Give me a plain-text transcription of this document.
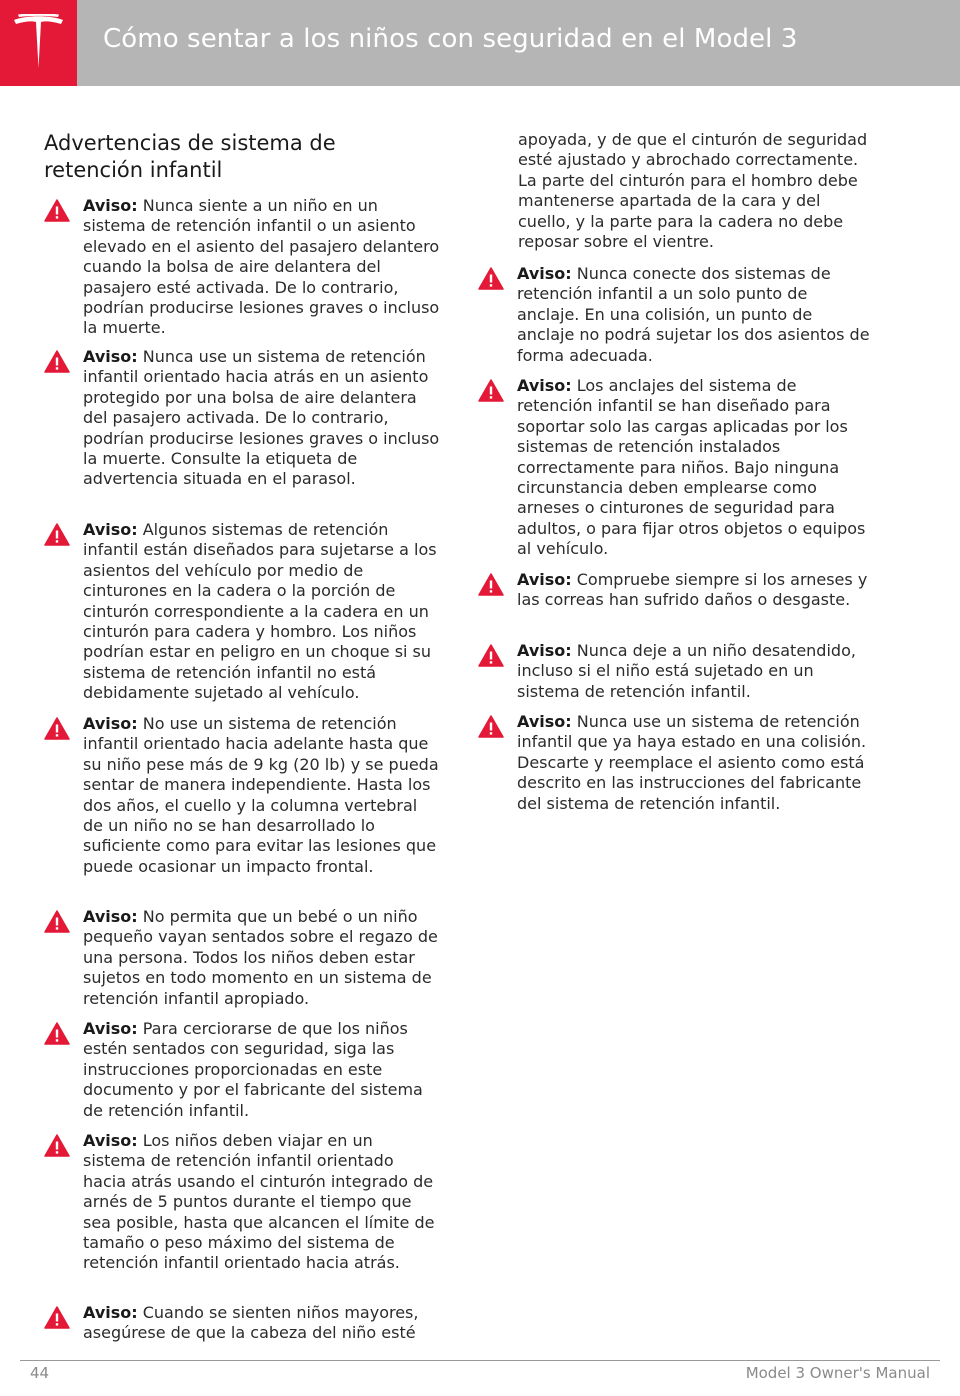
Cómo sentar a los niños con seguridad en el Model 3
Advertencias de sistema de retención infantil
Aviso: Nunca siente a un niño en un sistema de retención infantil o un asiento elevado en el asiento del pasajero delantero cuando la bolsa de aire delantera del pasajero esté activada. De lo contrario, podrían producirse lesiones graves o incluso la muerte.
Aviso: Nunca use un sistema de retención infantil orientado hacia atrás en un asiento protegido por una bolsa de aire delantera del pasajero activada. De lo contrario, podrían producirse lesiones graves o incluso la muerte. Consulte la etiqueta de advertencia situada en el parasol.
Aviso: Algunos sistemas de retención infantil están diseñados para sujetarse a los asientos del vehículo por medio de cinturones en la cadera o la porción de cinturón correspondiente a la cadera en un cinturón para cadera y hombro. Los niños podrían estar en peligro en un choque si su sistema de retención infantil no está debidamente sujetado al vehículo.
Aviso: No use un sistema de retención infantil orientado hacia adelante hasta que su niño pese más de 9 kg (20 lb) y se pueda sentar de manera independiente. Hasta los dos años, el cuello y la columna vertebral de un niño no se han desarrollado lo suficiente como para evitar las lesiones que puede ocasionar un impacto frontal.
Aviso: No permita que un bebé o un niño pequeño vayan sentados sobre el regazo de una persona. Todos los niños deben estar sujetos en todo momento en un sistema de retención infantil apropiado.
Aviso: Para cerciorarse de que los niños estén sentados con seguridad, siga las instrucciones proporcionadas en este documento y por el fabricante del sistema de retención infantil.
Aviso: Los niños deben viajar en un sistema de retención infantil orientado hacia atrás usando el cinturón integrado de arnés de 5 puntos durante el tiempo que sea posible, hasta que alcancen el límite de tamaño o peso máximo del sistema de retención infantil orientado hacia atrás.
Aviso: Cuando se sienten niños mayores, asegúrese de que la cabeza del niño esté
apoyada, y de que el cinturón de seguridad esté ajustado y abrochado correctamente. La parte del cinturón para el hombro debe mantenerse apartada de la cara y del cuello, y la parte para la cadera no debe reposar sobre el vientre.
Aviso: Nunca conecte dos sistemas de retención infantil a un solo punto de anclaje. En una colisión, un punto de anclaje no podrá sujetar los dos asientos de forma adecuada.
Aviso: Los anclajes del sistema de retención infantil se han diseñado para soportar solo las cargas aplicadas por los sistemas de retención instalados correctamente para niños. Bajo ninguna circunstancia deben emplearse como arneses o cinturones de seguridad para adultos, o para fijar otros objetos o equipos al vehículo.
Aviso: Compruebe siempre si los arneses y las correas han sufrido daños o desgaste.
Aviso: Nunca deje a un niño desatendido, incluso si el niño está sujetado en un sistema de retención infantil.
Aviso: Nunca use un sistema de retención infantil que ya haya estado en una colisión. Descarte y reemplace el asiento como está descrito en las instrucciones del fabricante del sistema de retención infantil.
44	Model 3 Owner's Manual
